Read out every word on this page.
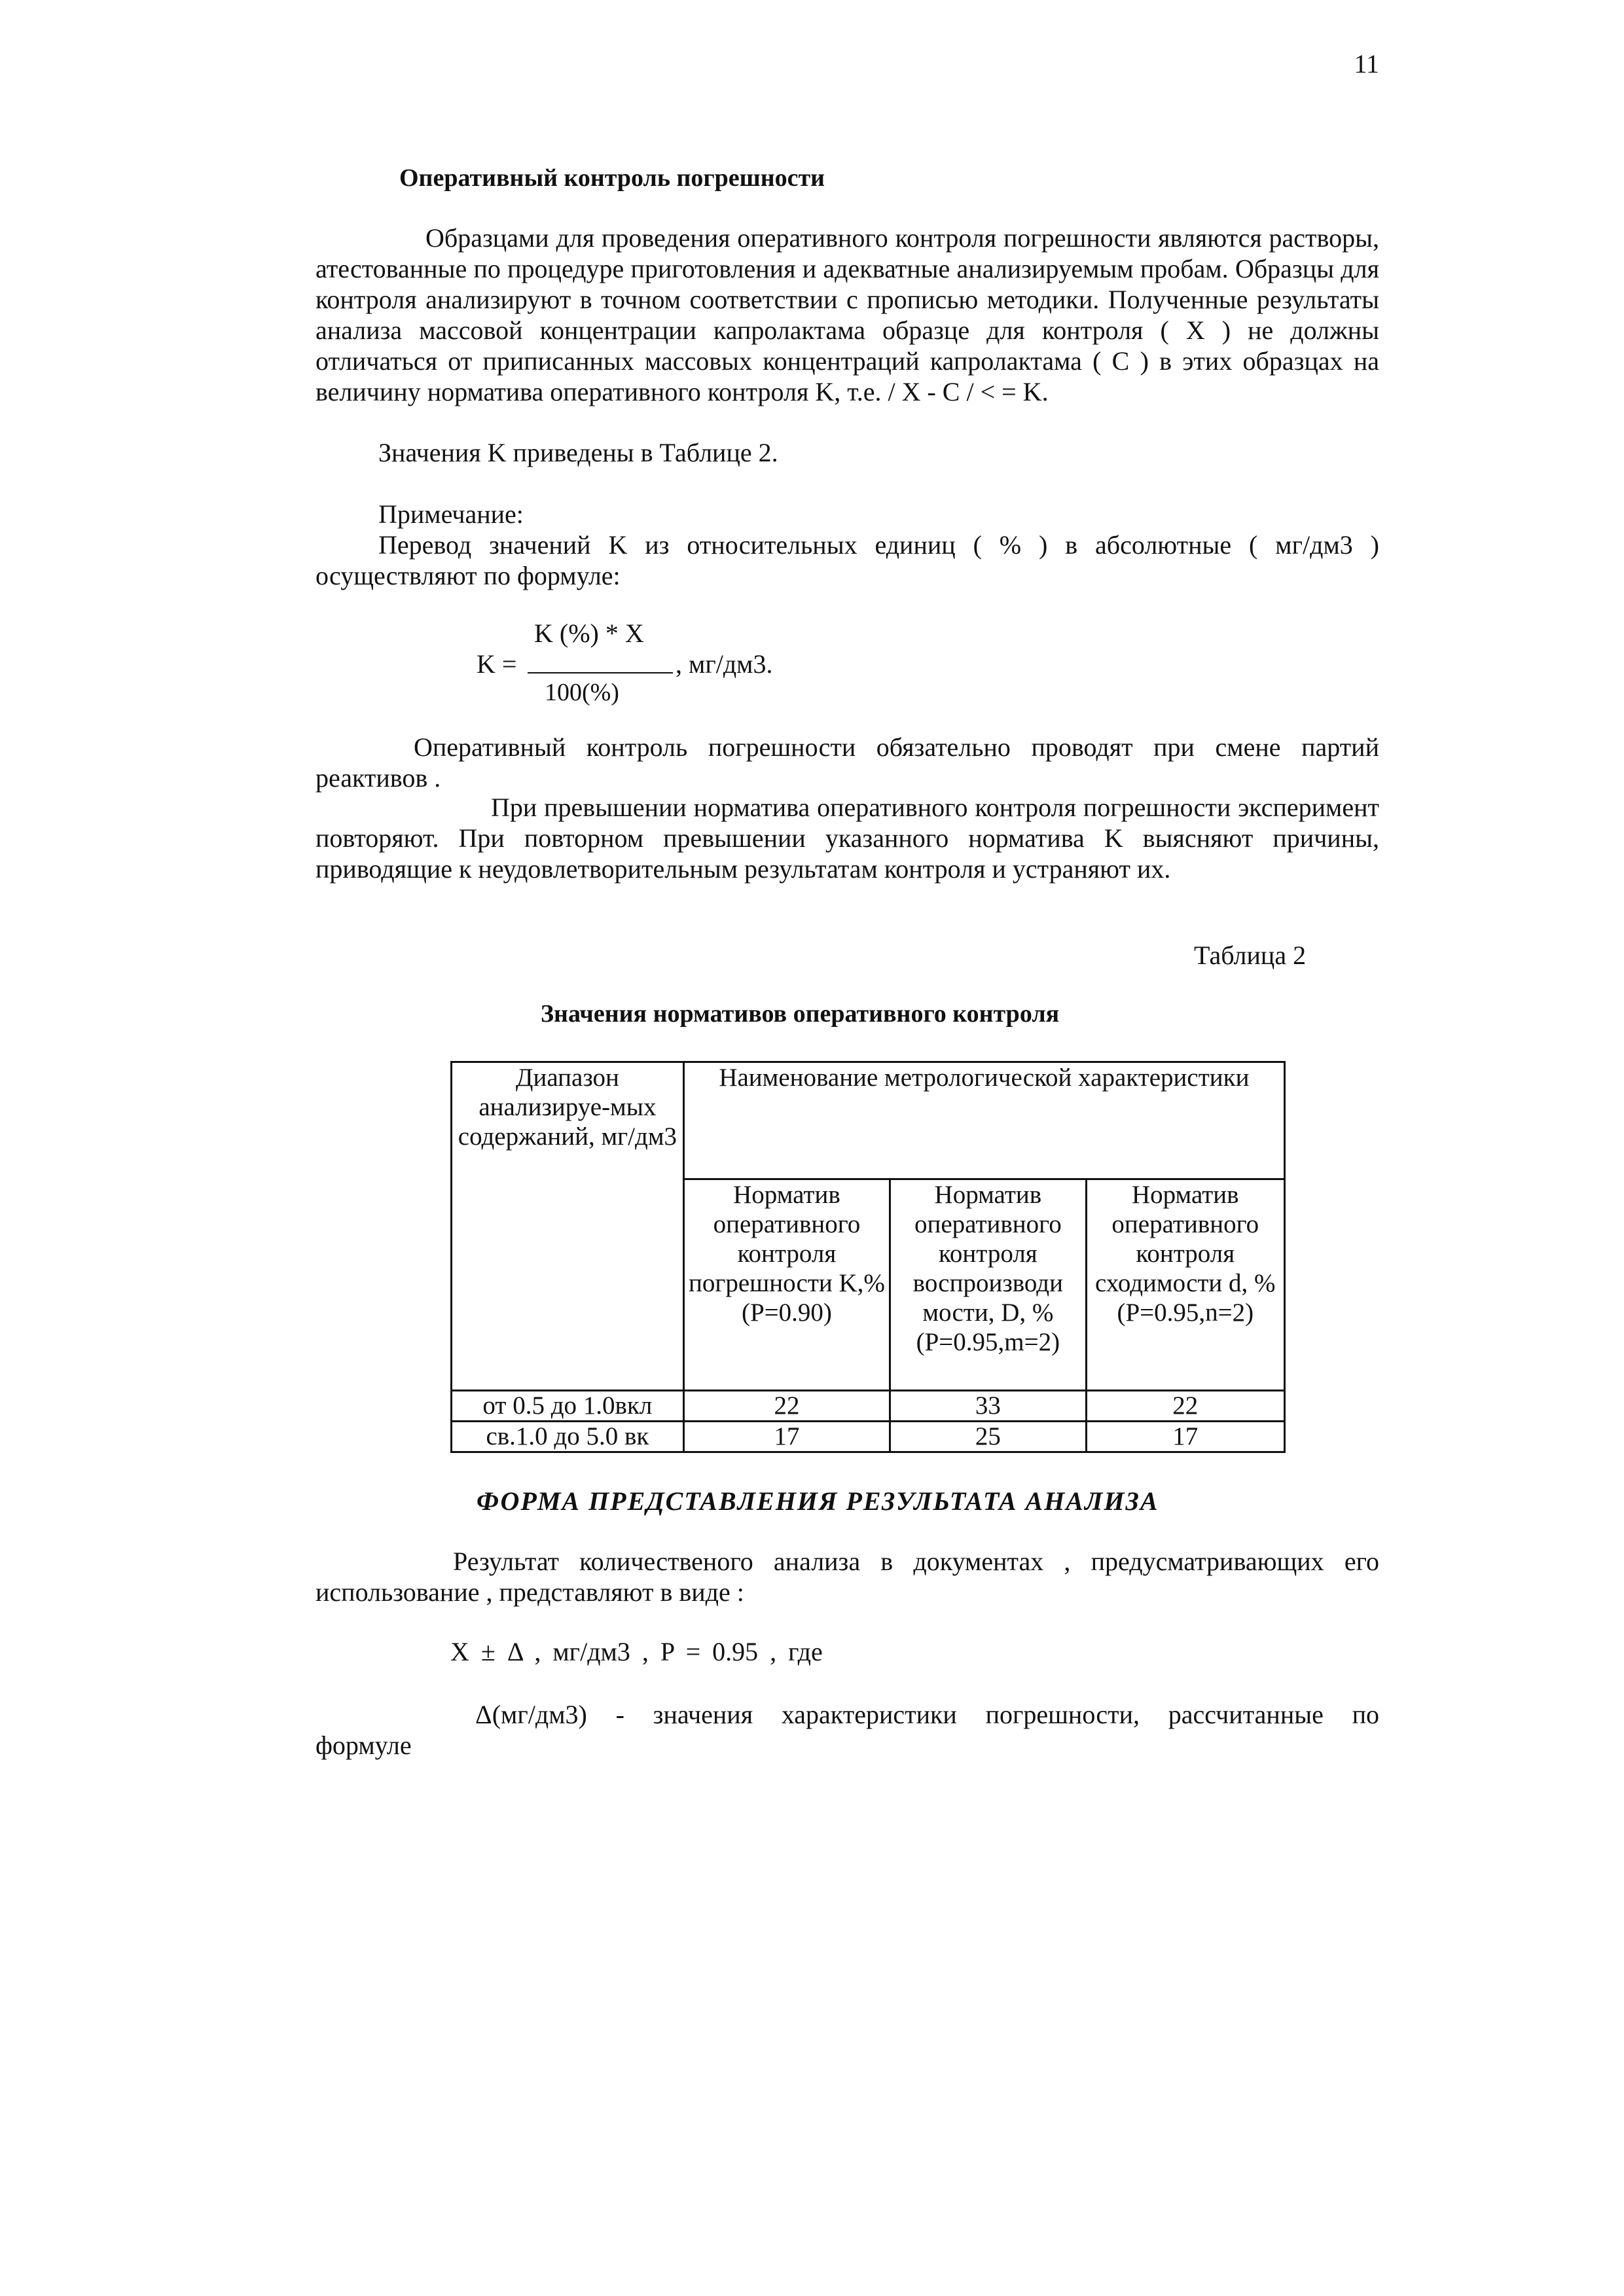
11
Оперативный контроль погрешности
Образцами для проведения оперативного контроля погрешности являются растворы, атестованные по процедуре приготовления и адекватные анализируемым пробам. Образцы для контроля анализируют в точном соответствии с прописью методики. Полученные результаты анализа массовой концентрации капролактама образце для контроля ( X ) не должны отличаться от приписанных массовых концентраций капролактама ( C ) в этих образцах на величину норматива оперативного контроля K, т.е. / X - C / < = K.
Значения K приведены в Таблице 2.
Примечание:
Перевод значений K из относительных единиц ( % ) в абсолютные ( мг/дм3 ) осуществляют по формуле:
K (%) * X
K =	, мг/дм3.
100(%)
Оперативный контроль погрешности обязательно проводят при смене партий реактивов .
При превышении норматива оперативного контроля погрешности эксперимент повторяют. При повторном превышении указанного норматива K выясняют причины, приводящие к неудовлетворительным результатам контроля и устраняют их.
Таблица 2
Значения нормативов оперативного контроля
Диапазон анализируе-мых содержаний, мг/дм3	Наименование метрологической характеристики		
	Норматив оперативного контроля погрешности K,% (P=0.90)	Норматив оперативного контроля воспроизводи мости, D, % (P=0.95,m=2)	Норматив оперативного контроля сходимости d, % (P=0.95,n=2)
от 0.5 до 1.0вкл	22	33	22
св.1.0 до 5.0 вк	17	25	17
ФОРМА ПРЕДСТАВЛЕНИЯ РЕЗУЛЬТАТА АНАЛИЗА
Результат количественого анализа в документах , предусматривающих его использование , представляют в виде :
X ± Δ , мг/дм3 , P = 0.95 , где
Δ(мг/дм3) - значения характеристики погрешности, рассчитанные по
формуле
